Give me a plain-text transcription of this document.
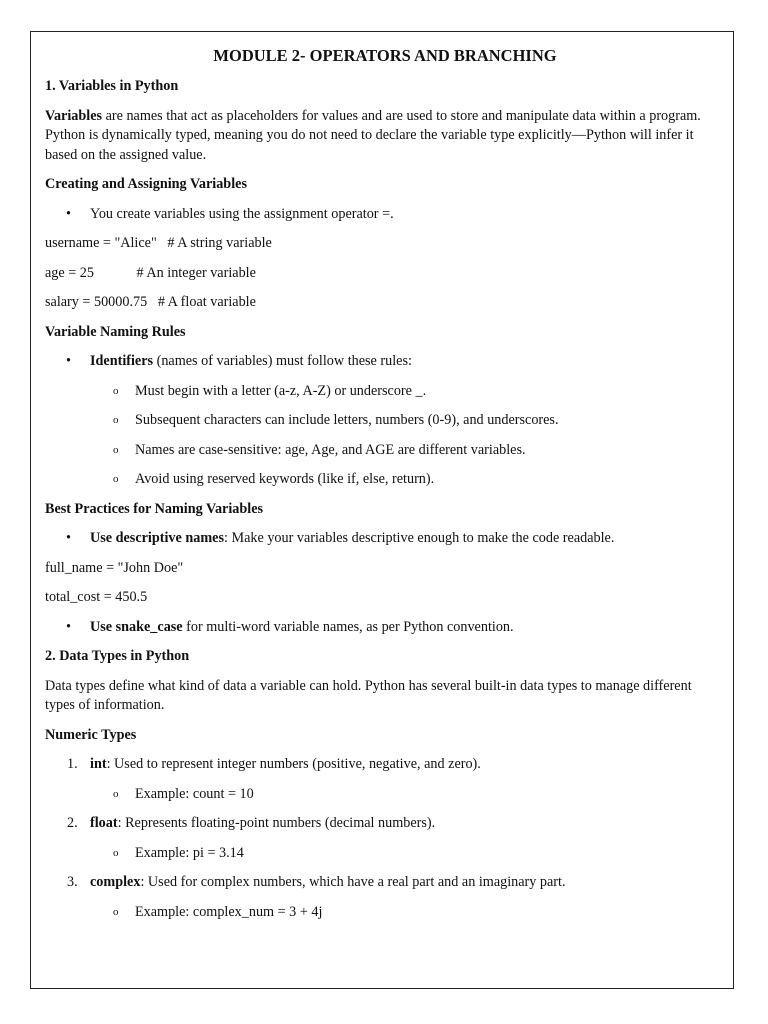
MODULE 2- OPERATORS AND BRANCHING
1. Variables in Python

Variables are names that act as placeholders for values and are used to store and manipulate data within a program. Python is dynamically typed, meaning you do not need to declare the variable type explicitly—Python will infer it based on the assigned value.

Creating and Assigning Variables
• You create variables using the assignment operator =.
username = "Alice"   # A string variable
age = 25            # An integer variable
salary = 50000.75   # A float variable
Variable Naming Rules
• Identifiers (names of variables) must follow these rules:
o Must begin with a letter (a-z, A-Z) or underscore _.
o Subsequent characters can include letters, numbers (0-9), and underscores.
o Names are case-sensitive: age, Age, and AGE are different variables.
o Avoid using reserved keywords (like if, else, return).
Best Practices for Naming Variables
• Use descriptive names: Make your variables descriptive enough to make the code readable.
full_name = "John Doe"
total_cost = 450.5
• Use snake_case for multi-word variable names, as per Python convention.
2. Data Types in Python

Data types define what kind of data a variable can hold. Python has several built-in data types to manage different types of information.

Numeric Types
1. int: Used to represent integer numbers (positive, negative, and zero).
o Example: count = 10
2. float: Represents floating-point numbers (decimal numbers).
o Example: pi = 3.14
3. complex: Used for complex numbers, which have a real part and an imaginary part.
o Example: complex_num = 3 + 4j
